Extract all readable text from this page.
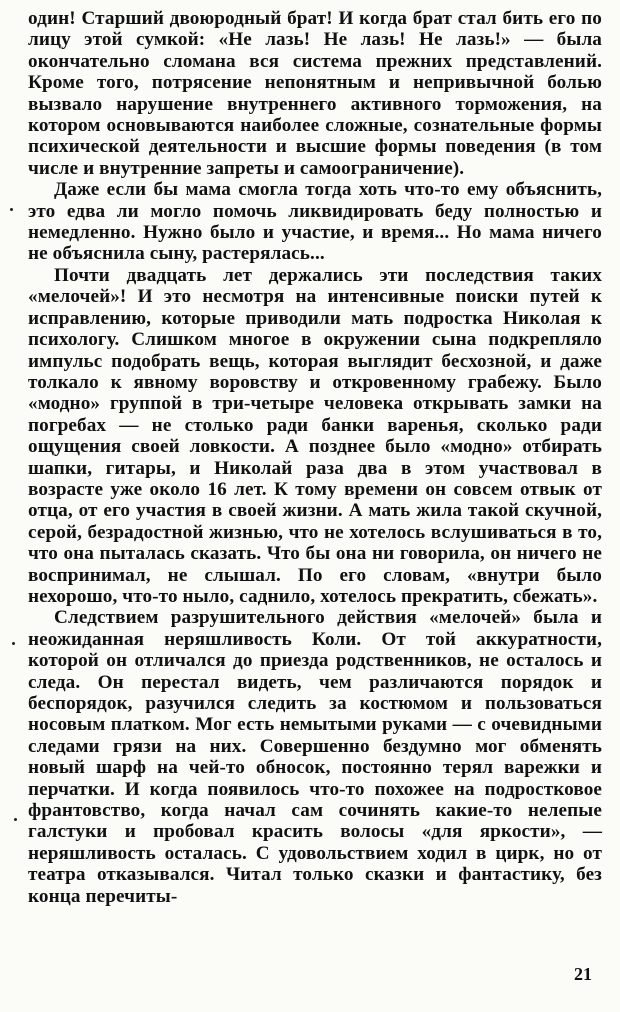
один! Старший двоюродный брат! И когда брат стал бить его по лицу этой сумкой: «Не лазь! Не лазь! Не лазь!» — была окончательно сломана вся система прежних представлений. Кроме того, потрясение непонятным и непривычной болью вызвало нарушение внутреннего активного торможения, на котором основываются наиболее сложные, сознательные формы психической деятельности и высшие формы поведения (в том числе и внутренние запреты и самоограничение).

Даже если бы мама смогла тогда хоть что-то ему объяснить, это едва ли могло помочь ликвидировать беду полностью и немедленно. Нужно было и участие, и время... Но мама ничего не объяснила сыну, растерялась...

Почти двадцать лет держались эти последствия таких «мелочей»! И это несмотря на интенсивные поиски путей к исправлению, которые приводили мать подростка Николая к психологу. Слишком многое в окружении сына подкрепляло импульс подобрать вещь, которая выглядит бесхозной, и даже толкало к явному воровству и откровенному грабежу. Было «модно» группой в три-четыре человека открывать замки на погребах — не столько ради банки варенья, сколько ради ощущения своей ловкости. А позднее было «модно» отбирать шапки, гитары, и Николай раза два в этом участвовал в возрасте уже около 16 лет. К тому времени он совсем отвык от отца, от его участия в своей жизни. А мать жила такой скучной, серой, безрадостной жизнью, что не хотелось вслушиваться в то, что она пыталась сказать. Что бы она ни говорила, он ничего не воспринимал, не слышал. По его словам, «внутри было нехорошо, что-то ныло, саднило, хотелось прекратить, сбежать».

Следствием разрушительного действия «мелочей» была и неожиданная неряшливость Коли. От той аккуратности, которой он отличался до приезда родственников, не осталось и следа. Он перестал видеть, чем различаются порядок и беспорядок, разучился следить за костюмом и пользоваться носовым платком. Мог есть немытыми руками — с очевидными следами грязи на них. Совершенно бездумно мог обменять новый шарф на чей-то обносок, постоянно терял варежки и перчатки. И когда появилось что-то похожее на подростковое франтовство, когда начал сам сочинять какие-то нелепые галстуки и пробовал красить волосы «для яркости», — неряшливость осталась. С удовольствием ходил в цирк, но от театра отказывался. Читал только сказки и фантастику, без конца перечиты-

21
